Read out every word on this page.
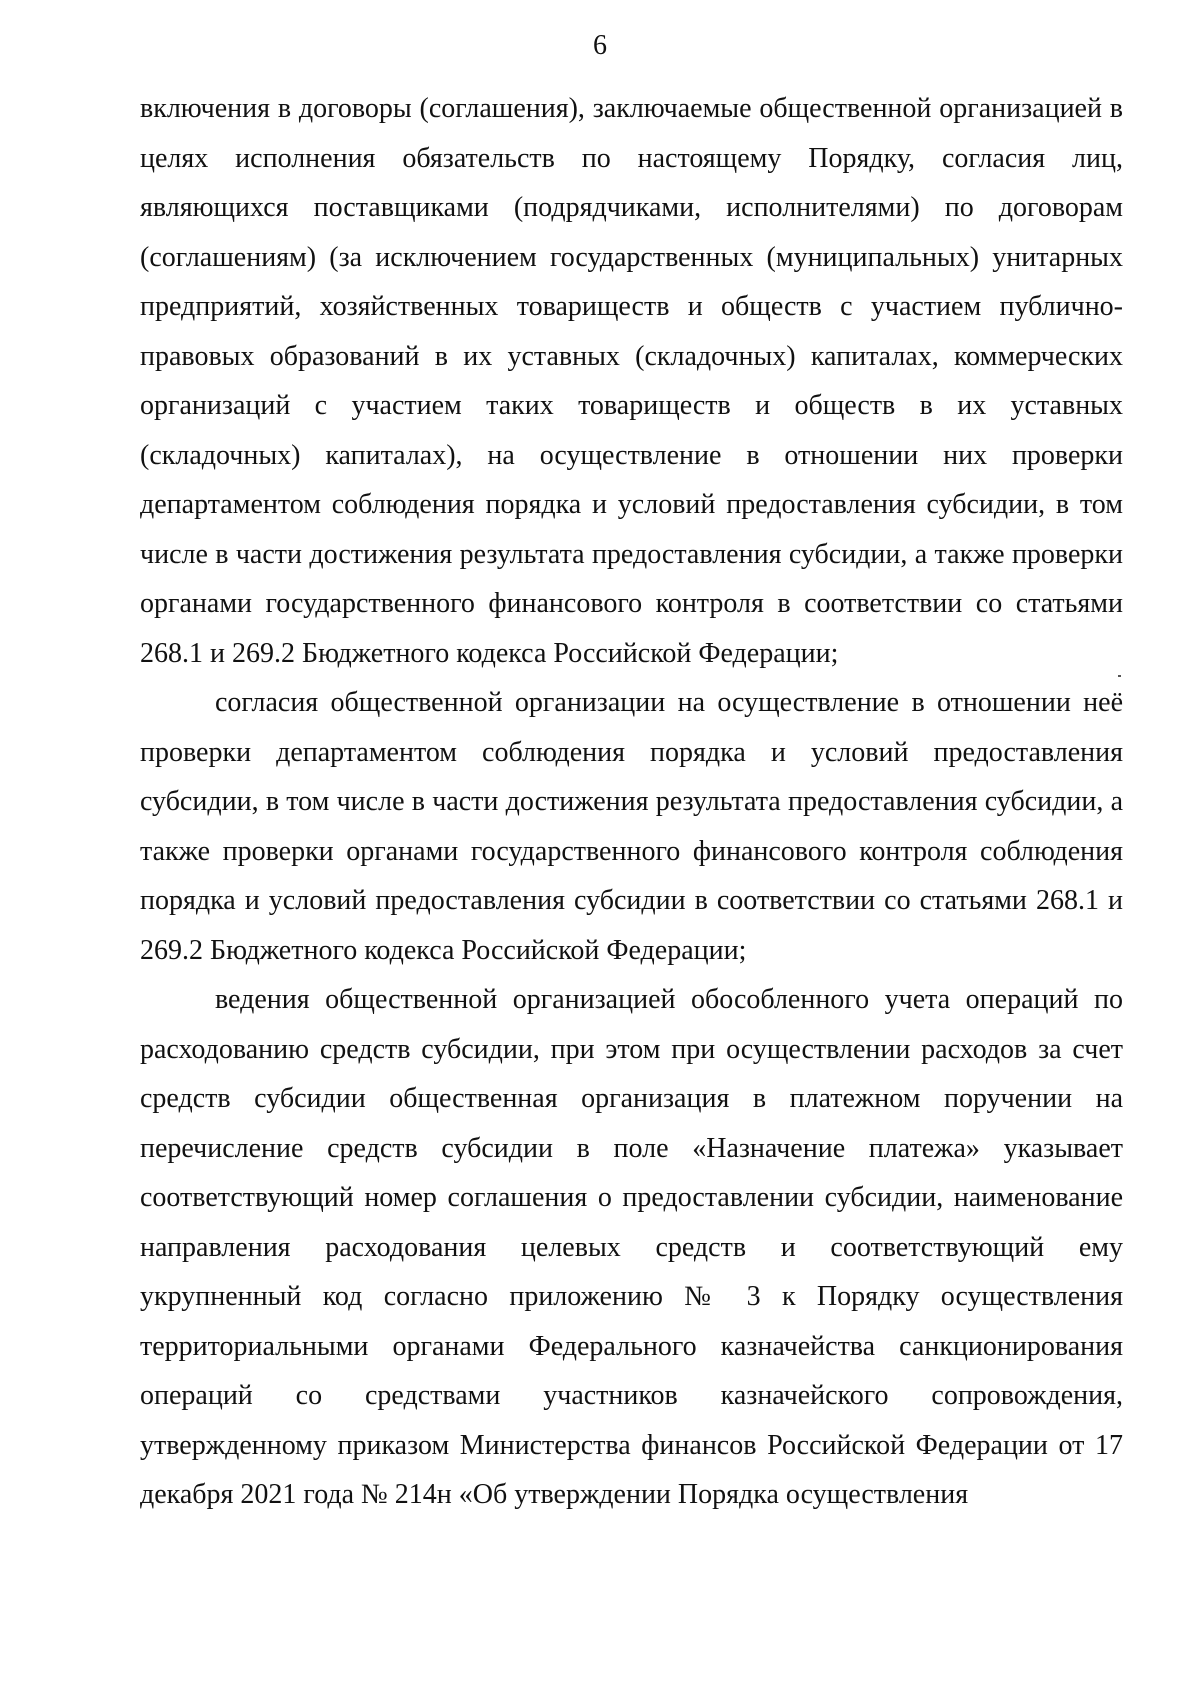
6

включения в договоры (соглашения), заключаемые общественной организацией в целях исполнения обязательств по настоящему Порядку, согласия лиц, являющихся поставщиками (подрядчиками, исполнителями) по договорам (соглашениям) (за исключением государственных (муниципальных) унитарных предприятий, хозяйственных товариществ и обществ с участием публично-правовых образований в их уставных (складочных) капиталах, коммерческих организаций с участием таких товариществ и обществ в их уставных (складочных) капиталах), на осуществление в отношении них проверки департаментом соблюдения порядка и условий предоставления субсидии, в том числе в части достижения результата предоставления субсидии, а также проверки органами государственного финансового контроля в соответствии со статьями 268.1 и 269.2 Бюджетного кодекса Российской Федерации;

согласия общественной организации на осуществление в отношении неё проверки департаментом соблюдения порядка и условий предоставления субсидии, в том числе в части достижения результата предоставления субсидии, а также проверки органами государственного финансового контроля соблюдения порядка и условий предоставления субсидии в соответствии со статьями 268.1 и 269.2 Бюджетного кодекса Российской Федерации;

ведения общественной организацией обособленного учета операций по расходованию средств субсидии, при этом при осуществлении расходов за счет средств субсидии общественная организация в платежном поручении на перечисление средств субсидии в поле «Назначение платежа» указывает соответствующий номер соглашения о предоставлении субсидии, наименование направления расходования целевых средств и соответствующий ему укрупненный код согласно приложению № 3 к Порядку осуществления территориальными органами Федерального казначейства санкционирования операций со средствами участников казначейского сопровождения, утвержденному приказом Министерства финансов Российской Федерации от 17 декабря 2021 года № 214н «Об утверждении Порядка осуществления
